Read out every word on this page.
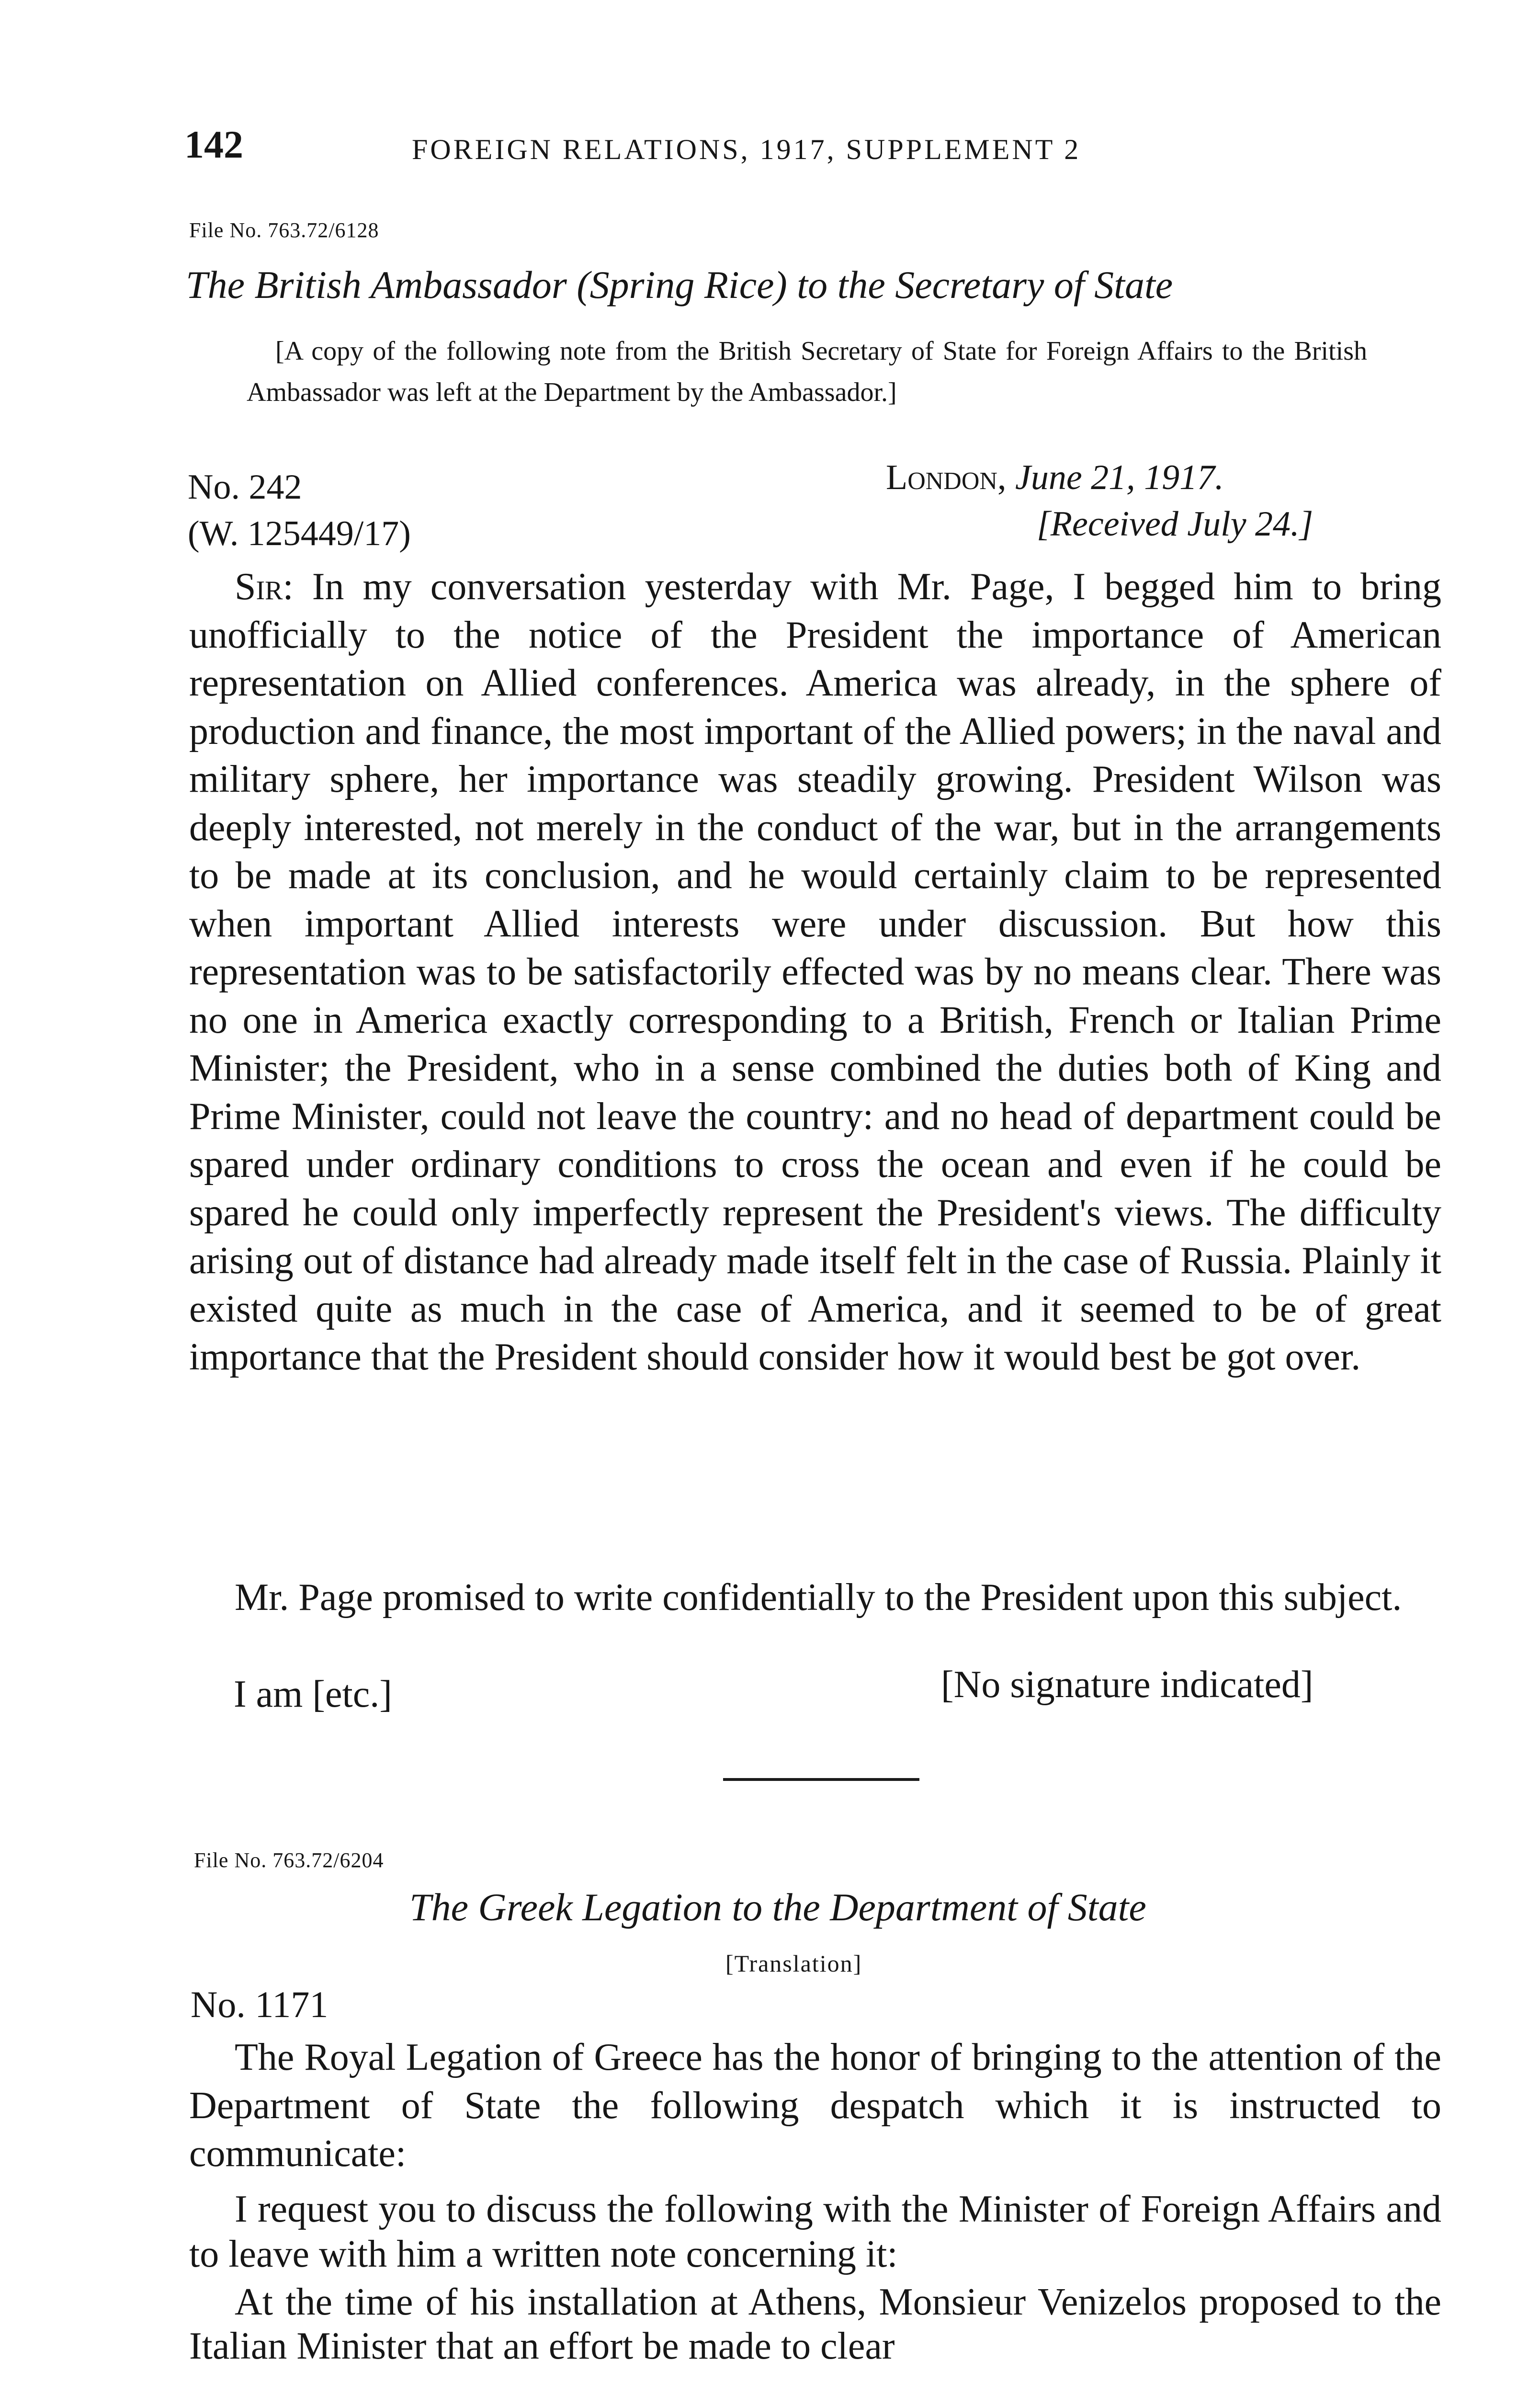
142	FOREIGN RELATIONS, 1917, SUPPLEMENT 2
File No. 763.72/6128
The British Ambassador (Spring Rice) to the Secretary of State
[A copy of the following note from the British Secretary of State for Foreign Affairs to the British Ambassador was left at the Department by the Ambassador.]
No. 242	London, June 21, 1917.
(W. 125449/17)	[Received July 24.]
Sir: In my conversation yesterday with Mr. Page, I begged him to bring unofficially to the notice of the President the importance of American representation on Allied conferences. America was already, in the sphere of production and finance, the most important of the Allied powers; in the naval and military sphere, her importance was steadily growing. President Wilson was deeply interested, not merely in the conduct of the war, but in the arrangements to be made at its conclusion, and he would certainly claim to be represented when important Allied interests were under discussion. But how this representation was to be satisfactorily effected was by no means clear. There was no one in America exactly corresponding to a British, French or Italian Prime Minister; the President, who in a sense combined the duties both of King and Prime Minister, could not leave the country: and no head of department could be spared under ordinary conditions to cross the ocean and even if he could be spared he could only imperfectly represent the President's views. The difficulty arising out of distance had already made itself felt in the case of Russia. Plainly it existed quite as much in the case of America, and it seemed to be of great importance that the President should consider how it would best be got over.
Mr. Page promised to write confidentially to the President upon this subject.
I am [etc.]	[No signature indicated]
File No. 763.72/6204
The Greek Legation to the Department of State
[Translation]
No. 1171
The Royal Legation of Greece has the honor of bringing to the attention of the Department of State the following despatch which it is instructed to communicate:
I request you to discuss the following with the Minister of Foreign Affairs and to leave with him a written note concerning it:
At the time of his installation at Athens, Monsieur Venizelos proposed to the Italian Minister that an effort be made to clear
